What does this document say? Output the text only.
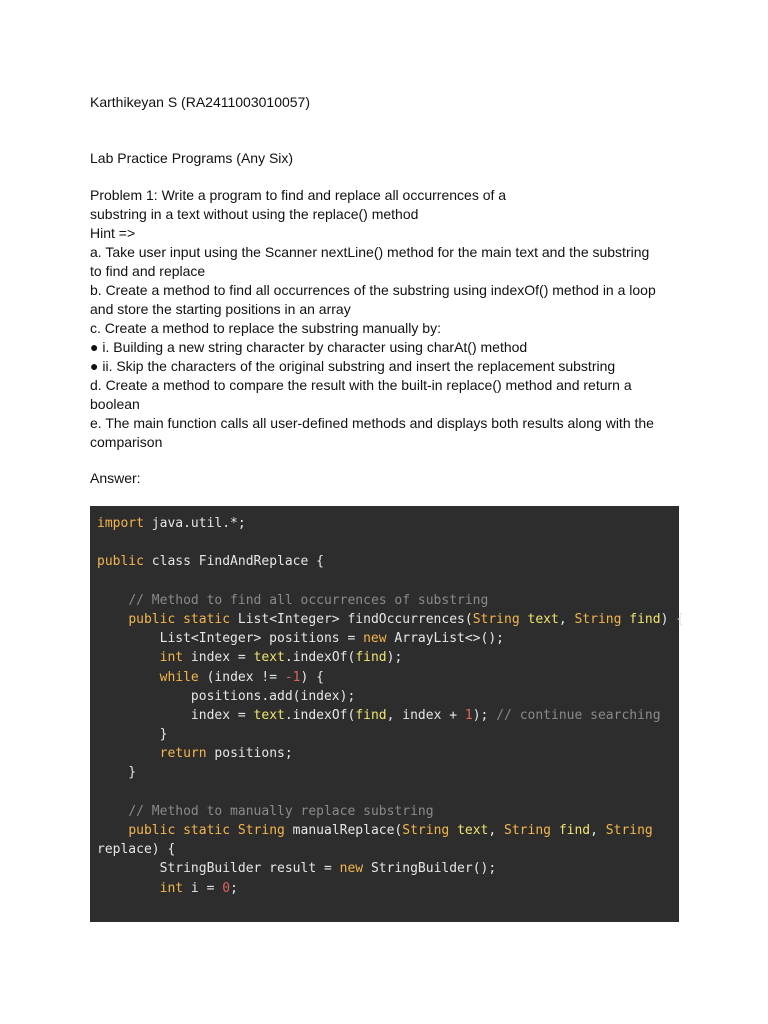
Karthikeyan S (RA2411003010057)
Lab Practice Programs (Any Six)
Problem 1: Write a program to find and replace all occurrences of a
substring in a text without using the replace() method
Hint =>
a. Take user input using the Scanner nextLine() method for the main text and the substring
to find and replace
b. Create a method to find all occurrences of the substring using indexOf() method in a loop
and store the starting positions in an array
c. Create a method to replace the substring manually by:
● i. Building a new string character by character using charAt() method
● ii. Skip the characters of the original substring and insert the replacement substring
d. Create a method to compare the result with the built-in replace() method and return a
boolean
e. The main function calls all user-defined methods and displays both results along with the
comparison
Answer:
import java.util.*;

public class FindAndReplace {

// Method to find all occurrences of substring
public static List<Integer> findOccurrences(String text, String find) {
List<Integer> positions = new ArrayList<>();
int index = text.indexOf(find);
while (index != -1) {
positions.add(index);
index = text.indexOf(find, index + 1); // continue searching
}
return positions;
}

// Method to manually replace substring
public static String manualReplace(String text, String find, String
replace) {
StringBuilder result = new StringBuilder();
int i = 0;
